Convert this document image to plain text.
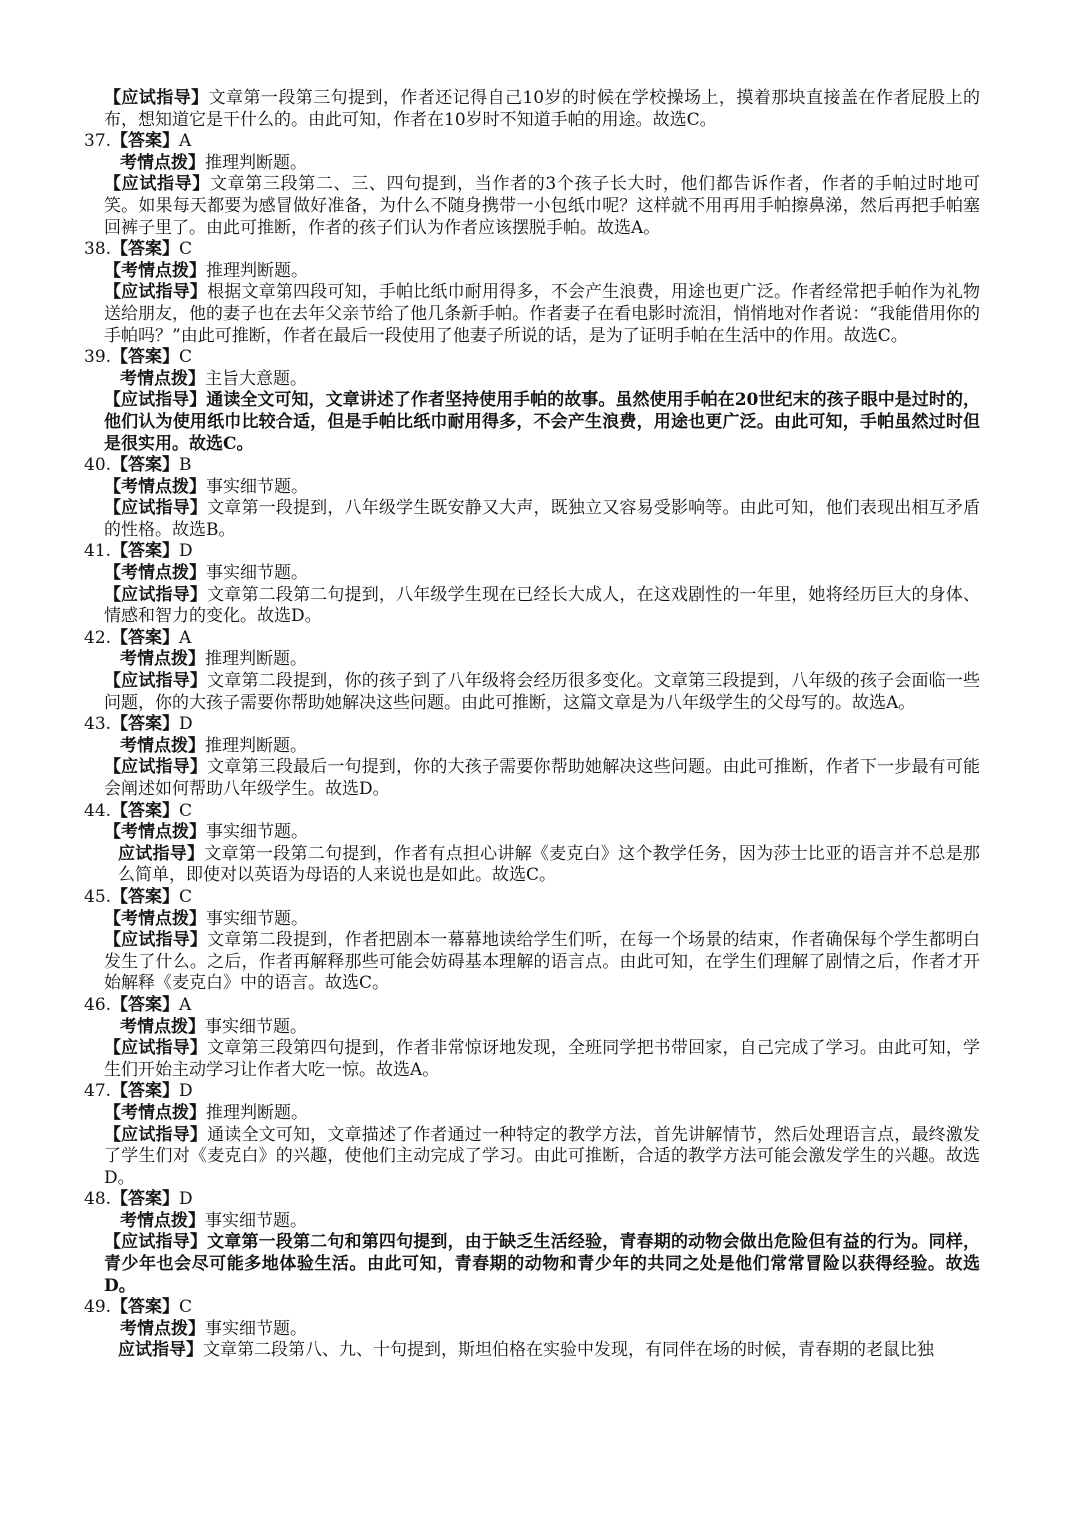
【应试指导】文章第一段第三句提到，作者还记得自己10岁的时候在学校操场上，摸着那块直接盖在作者屁股上的布，想知道它是干什么的。由此可知，作者在10岁时不知道手帕的用途。故选C。

37.【答案】A
考情点拨】推理判断题。

【应试指导】文章第三段第二、三、四句提到，当作者的3个孩子长大时，他们都告诉作者，作者的手帕过时地可笑。如果每天都要为感冒做好准备，为什么不随身携带一小包纸巾呢？这样就不用再用手帕擦鼻涕，然后再把手帕塞回裤子里了。由此可推断，作者的孩子们认为作者应该摆脱手帕。故选A。

38.【答案】C
【考情点拨】推理判断题。

【应试指导】根据文章第四段可知，手帕比纸巾耐用得多，不会产生浪费，用途也更广泛。作者经常把手帕作为礼物送给朋友，他的妻子也在去年父亲节给了他几条新手帕。作者妻子在看电影时流泪，悄悄地对作者说：“我能借用你的手帕吗？”由此可推断，作者在最后一段使用了他妻子所说的话，是为了证明手帕在生活中的作用。故选C。

39.【答案】C
考情点拨】主旨大意题。

【应试指导】通读全文可知，文章讲述了作者坚持使用手帕的故事。虽然使用手帕在20世纪末的孩子眼中是过时的，他们认为使用纸巾比较合适，但是手帕比纸巾耐用得多，不会产生浪费，用途也更广泛。由此可知，手帕虽然过时但是很实用。故选C。

40.【答案】B
【考情点拨】事实细节题。

【应试指导】文章第一段提到，八年级学生既安静又大声，既独立又容易受影响等。由此可知，他们表现出相互矛盾的性格。故选B。

41.【答案】D
【考情点拨】事实细节题。

【应试指导】文章第二段第二句提到，八年级学生现在已经长大成人，在这戏剧性的一年里，她将经历巨大的身体、情感和智力的变化。故选D。

42.【答案】A
考情点拨】推理判断题。

【应试指导】文章第二段提到，你的孩子到了八年级将会经历很多变化。文章第三段提到，八年级的孩子会面临一些问题，你的大孩子需要你帮助她解决这些问题。由此可推断，这篇文章是为八年级学生的父母写的。故选A。

43.【答案】D
考情点拨】推理判断题。

【应试指导】文章第三段最后一句提到，你的大孩子需要你帮助她解决这些问题。由此可推断，作者下一步最有可能会阐述如何帮助八年级学生。故选D。

44.【答案】C
【考情点拨】事实细节题。

应试指导】文章第一段第二句提到，作者有点担心讲解《麦克白》这个教学任务，因为莎士比亚的语言并不总是那么简单，即使对以英语为母语的人来说也是如此。故选C。

45.【答案】C
【考情点拨】事实细节题。

【应试指导】文章第二段提到，作者把剧本一幕幕地读给学生们听，在每一个场景的结束，作者确保每个学生都明白发生了什么。之后，作者再解释那些可能会妨碍基本理解的语言点。由此可知，在学生们理解了剧情之后，作者才开始解释《麦克白》中的语言。故选C。

46.【答案】A
考情点拨】事实细节题。

【应试指导】文章第三段第四句提到，作者非常惊讶地发现，全班同学把书带回家，自己完成了学习。由此可知，学生们开始主动学习让作者大吃一惊。故选A。

47.【答案】D
【考情点拨】推理判断题。

【应试指导】通读全文可知，文章描述了作者通过一种特定的教学方法，首先讲解情节，然后处理语言点，最终激发了学生们对《麦克白》的兴趣，使他们主动完成了学习。由此可推断，合适的教学方法可能会激发学生的兴趣。故选D。

48.【答案】D
考情点拨】事实细节题。

【应试指导】文章第一段第二句和第四句提到，由于缺乏生活经验，青春期的动物会做出危险但有益的行为。同样，青少年也会尽可能多地体验生活。由此可知，青春期的动物和青少年的共同之处是他们常常冒险以获得经验。故选D。

49.【答案】C
考情点拨】事实细节题。

应试指导】文章第二段第八、九、十句提到，斯坦伯格在实验中发现，有同伴在场的时候，青春期的老鼠比独
